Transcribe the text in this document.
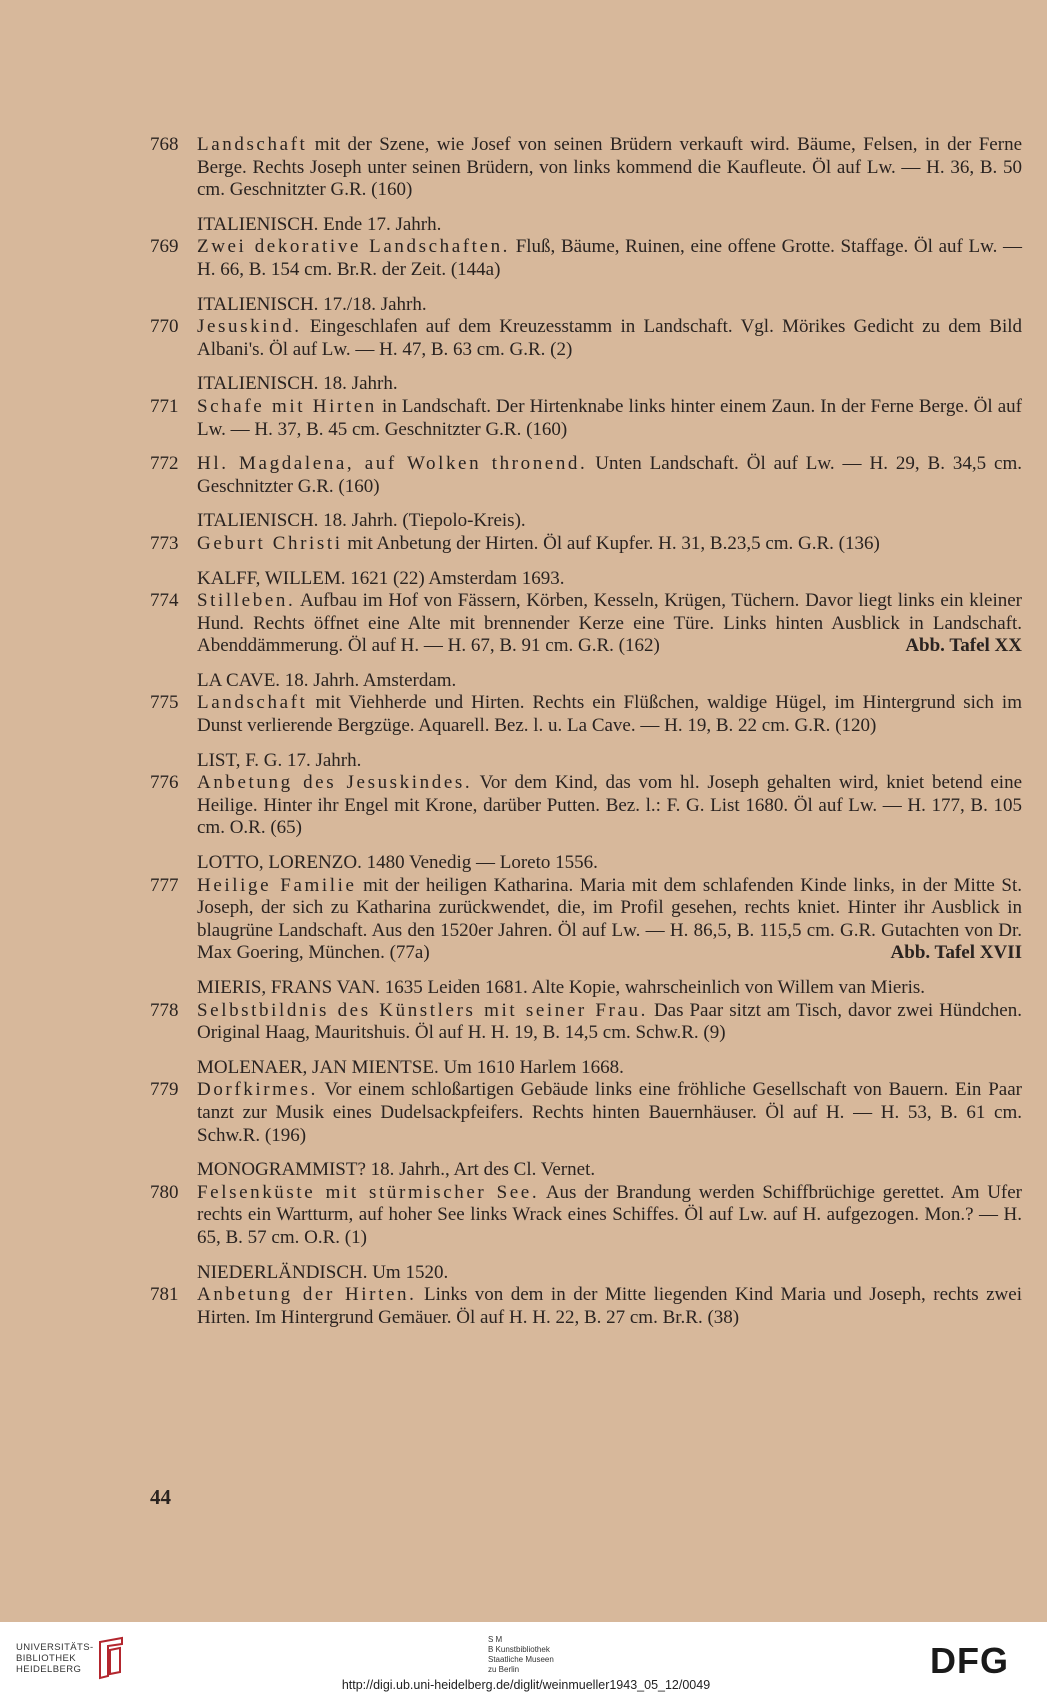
768 Landschaft mit der Szene, wie Josef von seinen Brüdern verkauft wird. Bäume, Felsen, in der Ferne Berge. Rechts Joseph unter seinen Brüdern, von links kommend die Kaufleute. Öl auf Lw. — H. 36, B. 50 cm. Geschnitzter G.R. (160)
ITALIENISCH. Ende 17. Jahrh.
769 Zwei dekorative Landschaften. Fluß, Bäume, Ruinen, eine offene Grotte. Staffage. Öl auf Lw. — H. 66, B. 154 cm. Br.R. der Zeit. (144a)
ITALIENISCH. 17./18. Jahrh.
770 Jesuskind. Eingeschlafen auf dem Kreuzesstamm in Landschaft. Vgl. Mörikes Gedicht zu dem Bild Albani's. Öl auf Lw. — H. 47, B. 63 cm. G.R. (2)
ITALIENISCH. 18. Jahrh.
771 Schafe mit Hirten in Landschaft. Der Hirtenknabe links hinter einem Zaun. In der Ferne Berge. Öl auf Lw. — H. 37, B. 45 cm. Geschnitzter G.R. (160)
772 Hl. Magdalena, auf Wolken thronend. Unten Landschaft. Öl auf Lw. — H. 29, B. 34,5 cm. Geschnitzter G.R. (160)
ITALIENISCH. 18. Jahrh. (Tiepolo-Kreis).
773 Geburt Christi mit Anbetung der Hirten. Öl auf Kupfer. H. 31, B.23,5 cm. G.R. (136)
KALFF, WILLEM. 1621 (22) Amsterdam 1693.
774 Stilleben. Aufbau im Hof von Fässern, Körben, Kesseln, Krügen, Tüchern. Davor liegt links ein kleiner Hund. Rechts öffnet eine Alte mit brennender Kerze eine Türe. Links hinten Ausblick in Landschaft. Abenddämmerung. Öl auf H. — H. 67, B. 91 cm. G.R. (162)	Abb. Tafel XX
LA CAVE. 18. Jahrh. Amsterdam.
775 Landschaft mit Viehherde und Hirten. Rechts ein Flüßchen, waldige Hügel, im Hintergrund sich im Dunst verlierende Bergzüge. Aquarell. Bez. l. u. La Cave. — H. 19, B. 22 cm. G.R. (120)
LIST, F. G. 17. Jahrh.
776 Anbetung des Jesuskindes. Vor dem Kind, das vom hl. Joseph gehalten wird, kniet betend eine Heilige. Hinter ihr Engel mit Krone, darüber Putten. Bez. l.: F. G. List 1680. Öl auf Lw. — H. 177, B. 105 cm. O.R. (65)
LOTTO, LORENZO. 1480 Venedig — Loreto 1556.
777 Heilige Familie mit der heiligen Katharina. Maria mit dem schlafenden Kinde links, in der Mitte St. Joseph, der sich zu Katharina zurückwendet, die, im Profil gesehen, rechts kniet. Hinter ihr Ausblick in blaugrüne Landschaft. Aus den 1520er Jahren. Öl auf Lw. — H. 86,5, B. 115,5 cm. G.R. Gutachten von Dr. Max Goering, München. (77a)	Abb. Tafel XVII
MIERIS, FRANS VAN. 1635 Leiden 1681. Alte Kopie, wahrscheinlich von Willem van Mieris.
778 Selbstbildnis des Künstlers mit seiner Frau. Das Paar sitzt am Tisch, davor zwei Hündchen. Original Haag, Mauritshuis. Öl auf H. H. 19, B. 14,5 cm. Schw.R. (9)
MOLENAER, JAN MIENTSE. Um 1610 Harlem 1668.
779 Dorfkirmes. Vor einem schloßartigen Gebäude links eine fröhliche Gesellschaft von Bauern. Ein Paar tanzt zur Musik eines Dudelsackpfeifers. Rechts hinten Bauernhäuser. Öl auf H. — H. 53, B. 61 cm. Schw.R. (196)
MONOGRAMMIST? 18. Jahrh., Art des Cl. Vernet.
780 Felsenküste mit stürmischer See. Aus der Brandung werden Schiffbrüchige gerettet. Am Ufer rechts ein Wartturm, auf hoher See links Wrack eines Schiffes. Öl auf Lw. auf H. aufgezogen. Mon.? — H. 65, B. 57 cm. O.R. (1)
NIEDERLÄNDISCH. Um 1520.
781 Anbetung der Hirten. Links von dem in der Mitte liegenden Kind Maria und Joseph, rechts zwei Hirten. Im Hintergrund Gemäuer. Öl auf H. H. 22, B. 27 cm. Br.R. (38)
44
UNIVERSITÄTS-
BIBLIOTHEK
HEIDELBERG
S M
B Kunstbibliothek
Staatliche Museen
zu Berlin	DFG
http://digi.ub.uni-heidelberg.de/diglit/weinmueller1943_05_12/0049
